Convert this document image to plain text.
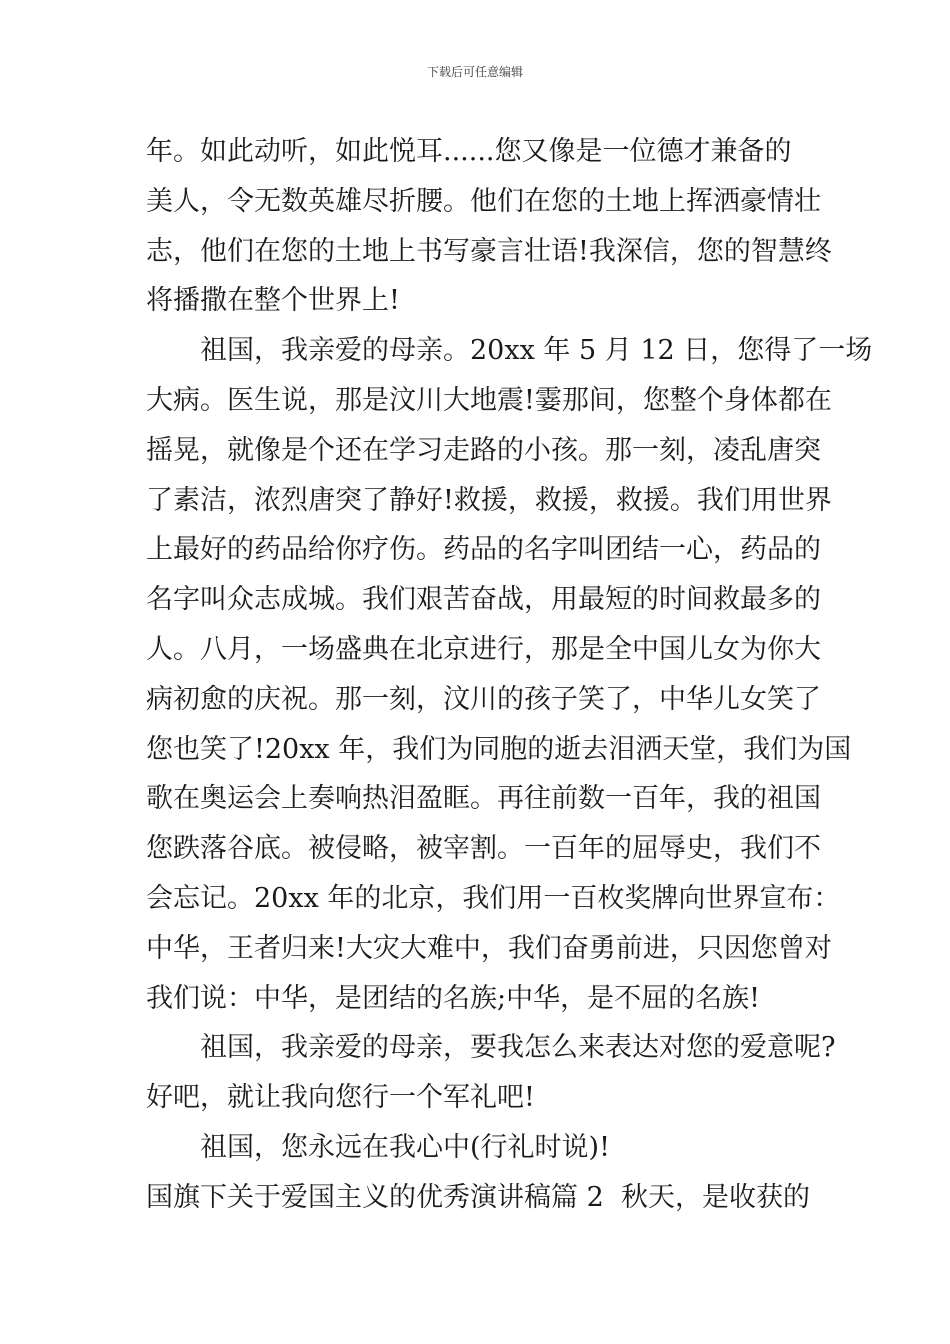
下载后可任意编辑
年。如此动听，如此悦耳......您又像是一位德才兼备的
美人，令无数英雄尽折腰。他们在您的土地上挥洒豪情壮
志，他们在您的土地上书写豪言壮语!我深信，您的智慧终
将播撒在整个世界上!
祖国，我亲爱的母亲。20xx 年 5 月 12 日，您得了一场
大病。医生说，那是汶川大地震!霎那间，您整个身体都在
摇晃，就像是个还在学习走路的小孩。那一刻，凌乱唐突
了素洁，浓烈唐突了静好!救援，救援，救援。我们用世界
上最好的药品给你疗伤。药品的名字叫团结一心，药品的
名字叫众志成城。我们艰苦奋战，用最短的时间救最多的
人。八月，一场盛典在北京进行，那是全中国儿女为你大
病初愈的庆祝。那一刻，汶川的孩子笑了，中华儿女笑了
您也笑了!20xx 年，我们为同胞的逝去泪洒天堂，我们为国
歌在奥运会上奏响热泪盈眶。再往前数一百年，我的祖国
您跌落谷底。被侵略，被宰割。一百年的屈辱史，我们不
会忘记。20xx 年的北京，我们用一百枚奖牌向世界宣布：
中华，王者归来!大灾大难中，我们奋勇前进，只因您曾对
我们说：中华，是团结的名族;中华，是不屈的名族!
祖国，我亲爱的母亲，要我怎么来表达对您的爱意呢?
好吧，就让我向您行一个军礼吧!
祖国，您永远在我心中(行礼时说)!
国旗下关于爱国主义的优秀演讲稿篇 2 秋天，是收获的
